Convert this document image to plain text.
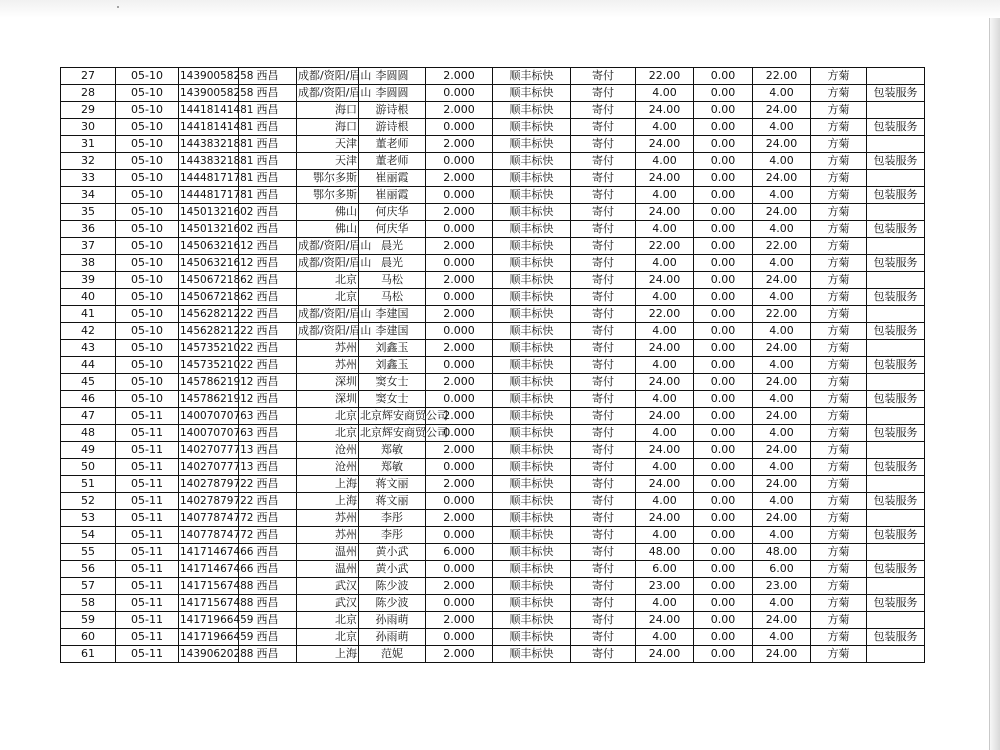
27	05-10	14390058258	西昌	成都/资阳/眉山	李圆圆	2.000	顺丰标快	寄付	22.00	0.00	22.00	方菊	
28	05-10	14390058258	西昌	成都/资阳/眉山	李圆圆	0.000	顺丰标快	寄付	4.00	0.00	4.00	方菊	包装服务
29	05-10	14418141481	西昌	海口	游诗根	2.000	顺丰标快	寄付	24.00	0.00	24.00	方菊	
30	05-10	14418141481	西昌	海口	游诗根	0.000	顺丰标快	寄付	4.00	0.00	4.00	方菊	包装服务
31	05-10	14438321881	西昌	天津	董老师	2.000	顺丰标快	寄付	24.00	0.00	24.00	方菊	
32	05-10	14438321881	西昌	天津	董老师	0.000	顺丰标快	寄付	4.00	0.00	4.00	方菊	包装服务
33	05-10	14448171781	西昌	鄂尔多斯	崔丽霞	2.000	顺丰标快	寄付	24.00	0.00	24.00	方菊	
34	05-10	14448171781	西昌	鄂尔多斯	崔丽霞	0.000	顺丰标快	寄付	4.00	0.00	4.00	方菊	包装服务
35	05-10	14501321602	西昌	佛山	何庆华	2.000	顺丰标快	寄付	24.00	0.00	24.00	方菊	
36	05-10	14501321602	西昌	佛山	何庆华	0.000	顺丰标快	寄付	4.00	0.00	4.00	方菊	包装服务
37	05-10	14506321612	西昌	成都/资阳/眉山	晨光	2.000	顺丰标快	寄付	22.00	0.00	22.00	方菊	
38	05-10	14506321612	西昌	成都/资阳/眉山	晨光	0.000	顺丰标快	寄付	4.00	0.00	4.00	方菊	包装服务
39	05-10	14506721862	西昌	北京	马松	2.000	顺丰标快	寄付	24.00	0.00	24.00	方菊	
40	05-10	14506721862	西昌	北京	马松	0.000	顺丰标快	寄付	4.00	0.00	4.00	方菊	包装服务
41	05-10	14562821222	西昌	成都/资阳/眉山	李建国	2.000	顺丰标快	寄付	22.00	0.00	22.00	方菊	
42	05-10	14562821222	西昌	成都/资阳/眉山	李建国	0.000	顺丰标快	寄付	4.00	0.00	4.00	方菊	包装服务
43	05-10	14573521022	西昌	苏州	刘鑫玉	2.000	顺丰标快	寄付	24.00	0.00	24.00	方菊	
44	05-10	14573521022	西昌	苏州	刘鑫玉	0.000	顺丰标快	寄付	4.00	0.00	4.00	方菊	包装服务
45	05-10	14578621912	西昌	深圳	窦女士	2.000	顺丰标快	寄付	24.00	0.00	24.00	方菊	
46	05-10	14578621912	西昌	深圳	窦女士	0.000	顺丰标快	寄付	4.00	0.00	4.00	方菊	包装服务
47	05-11	14007070763	西昌	北京	北京辉安商贸公司	2.000	顺丰标快	寄付	24.00	0.00	24.00	方菊	
48	05-11	14007070763	西昌	北京	北京辉安商贸公司	0.000	顺丰标快	寄付	4.00	0.00	4.00	方菊	包装服务
49	05-11	14027077713	西昌	沧州	郑敏	2.000	顺丰标快	寄付	24.00	0.00	24.00	方菊	
50	05-11	14027077713	西昌	沧州	郑敏	0.000	顺丰标快	寄付	4.00	0.00	4.00	方菊	包装服务
51	05-11	14027879722	西昌	上海	蒋文丽	2.000	顺丰标快	寄付	24.00	0.00	24.00	方菊	
52	05-11	14027879722	西昌	上海	蒋文丽	0.000	顺丰标快	寄付	4.00	0.00	4.00	方菊	包装服务
53	05-11	14077874772	西昌	苏州	李彤	2.000	顺丰标快	寄付	24.00	0.00	24.00	方菊	
54	05-11	14077874772	西昌	苏州	李彤	0.000	顺丰标快	寄付	4.00	0.00	4.00	方菊	包装服务
55	05-11	14171467466	西昌	温州	黄小武	6.000	顺丰标快	寄付	48.00	0.00	48.00	方菊	
56	05-11	14171467466	西昌	温州	黄小武	0.000	顺丰标快	寄付	6.00	0.00	6.00	方菊	包装服务
57	05-11	14171567488	西昌	武汉	陈少波	2.000	顺丰标快	寄付	23.00	0.00	23.00	方菊	
58	05-11	14171567488	西昌	武汉	陈少波	0.000	顺丰标快	寄付	4.00	0.00	4.00	方菊	包装服务
59	05-11	14171966459	西昌	北京	孙雨萌	2.000	顺丰标快	寄付	24.00	0.00	24.00	方菊	
60	05-11	14171966459	西昌	北京	孙雨萌	0.000	顺丰标快	寄付	4.00	0.00	4.00	方菊	包装服务
61	05-11	14390620288	西昌	上海	范妮	2.000	顺丰标快	寄付	24.00	0.00	24.00	方菊	
